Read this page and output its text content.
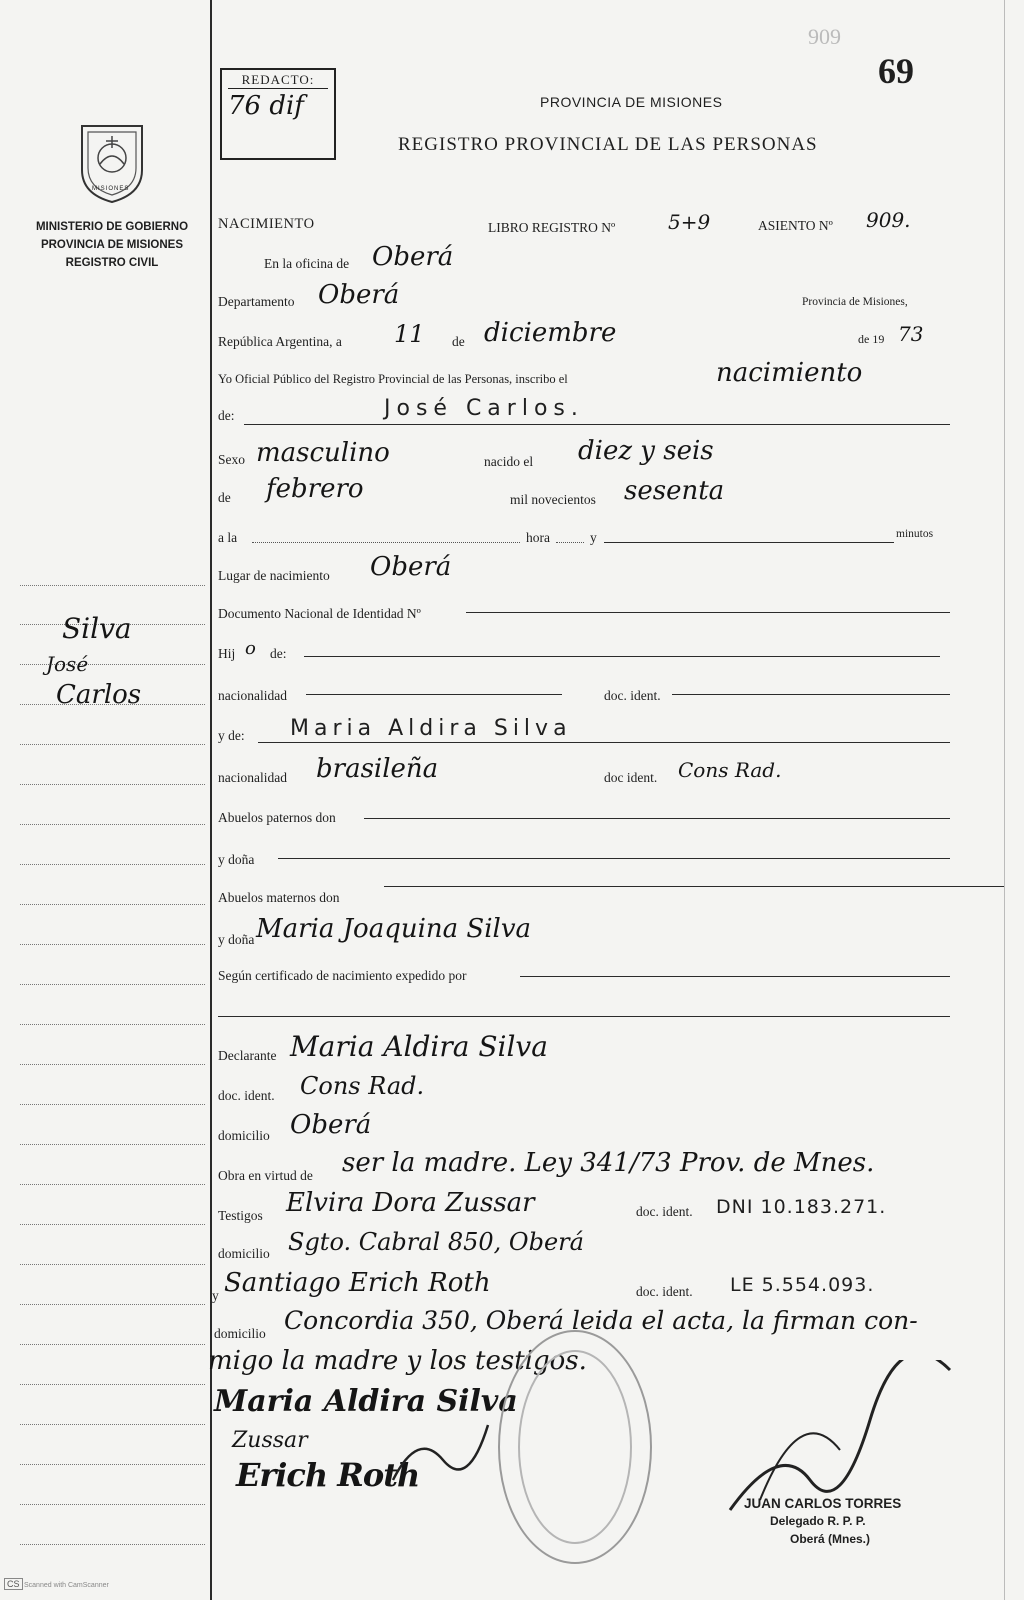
MISIONES
MINISTERIO DE GOBIERNO
PROVINCIA DE MISIONES
REGISTRO CIVIL
Silva
José
Carlos
REDACTO:
76 dif
909
69
PROVINCIA DE MISIONES
REGISTRO PROVINCIAL DE LAS PERSONAS
NACIMIENTO	LIBRO REGISTRO Nº	5+9	ASIENTO Nº 909.
En la oficina de Oberá
Departamento Oberá	Provincia de Misiones,
República Argentina, a 11 de diciembre	de 19 73
Yo Oficial Público del Registro Provincial de las Personas, inscribo el	nacimiento
de:	José Carlos.
Sexo masculino	nacido el diez y seis
de febrero	mil novecientos sesenta
a la	hora	y	minutos
Lugar de nacimiento Oberá
Documento Nacional de Identidad Nº
Hij o de:
nacionalidad	doc. ident.
y de: Maria Aldira Silva
nacionalidad brasileña	doc ident. Cons Rad.
Abuelos paternos don
y doña
Abuelos maternos don
y doña Maria Joaquina Silva
Según certificado de nacimiento expedido por
Declarante Maria Aldira Silva
doc. ident. Cons Rad.
domicilio Oberá
Obra en virtud de ser la madre. Ley 341/73 Prov. de Mnes.
Testigos Elvira Dora Zussar	doc. ident. DNI 10.183.271.
domicilio Sgto. Cabral 850, Oberá
y Santiago Erich Roth	doc. ident. LE 5.554.093.
domicilio Concordia 350, Oberá leida el acta, la firman con-
migo la madre y los testigos.
Maria Aldira Silva
Zussar
Erich Roth
JUAN CARLOS TORRES
Delegado R. P. P.
Oberá (Mnes.)
CS Scanned with CamScanner
